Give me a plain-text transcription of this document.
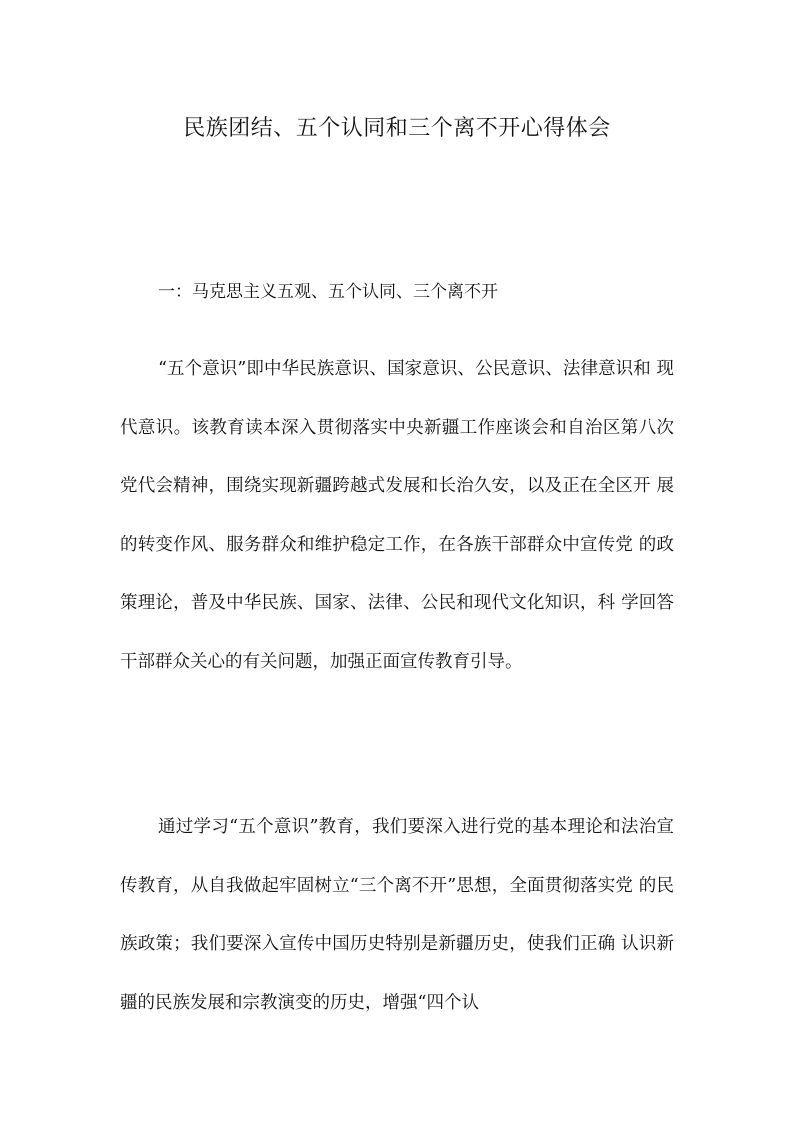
民族团结、五个认同和三个离不开心得体会

一：马克思主义五观、五个认同、三个离不开

“五个意识”即中华民族意识、国家意识、公民意识、法律意识和 现代意识。该教育读本深入贯彻落实中央新疆工作座谈会和自治区第八次 党代会精神，围绕实现新疆跨越式发展和长治久安，以及正在全区开 展的转变作风、服务群众和维护稳定工作，在各族干部群众中宣传党 的政策理论，普及中华民族、国家、法律、公民和现代文化知识，科 学回答干部群众关心的有关问题，加强正面宣传教育引导。

通过学习“五个意识”教育，我们要深入进行党的基本理论和法治宣 传教育，从自我做起牢固树立“三个离不开”思想，全面贯彻落实党 的民族政策；我们要深入宣传中国历史特别是新疆历史，使我们正确 认识新疆的民族发展和宗教演变的历史，增强“四个认
